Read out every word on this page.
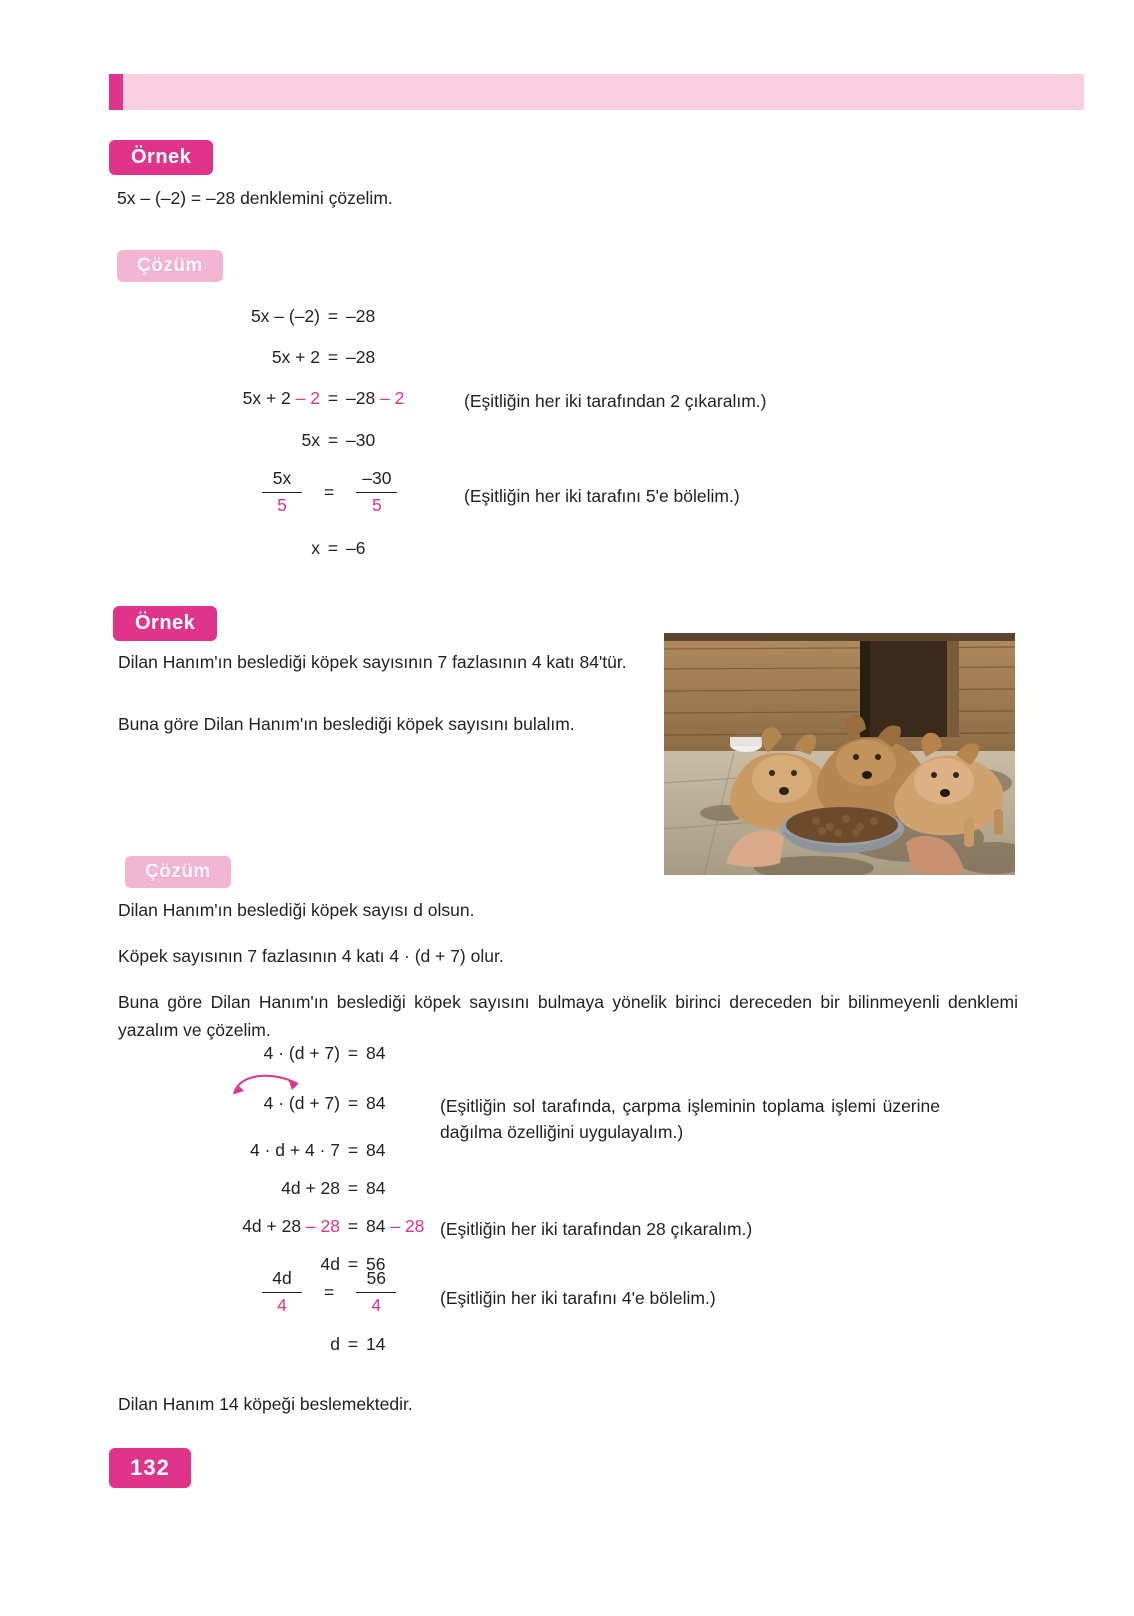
Örnek
5x – (–2) = –28 denklemini çözelim.
Çözüm
5x – (–2) = –28
5x + 2 = –28
5x + 2 – 2 = –28 – 2	(Eşitliğin her iki tarafından 2 çıkaralım.)
5x = –30
$\frac{5x}{5} = \frac{-30}{5}$	(Eşitliğin her iki tarafını 5'e bölelim.)
x = –6
Örnek
Dilan Hanım'ın beslediği köpek sayısının 7 fazlasının 4 katı 84'tür.
Buna göre Dilan Hanım'ın beslediği köpek sayısını bulalım.
Çözüm
Dilan Hanım'ın beslediği köpek sayısı d olsun.
Köpek sayısının 7 fazlasının 4 katı 4 · (d + 7) olur.
Buna göre Dilan Hanım'ın beslediği köpek sayısını bulmaya yönelik birinci dereceden bir bilinmeyenli denklemi yazalım ve çözelim.
4 · (d + 7) = 84
4 · (d + 7) = 84	(Eşitliğin sol tarafında, çarpma işleminin toplama işlemi üzerine dağılma özelliğini uygulayalım.)
4 · d + 4 · 7 = 84
4d + 28 = 84
4d + 28 – 28 = 84 – 28 (Eşitliğin her iki tarafından 28 çıkaralım.)
4d = 56
$\frac{4d}{4} = \frac{56}{4}$	(Eşitliğin her iki tarafını 4'e bölelim.)
d = 14
Dilan Hanım 14 köpeği beslemektedir.
132
